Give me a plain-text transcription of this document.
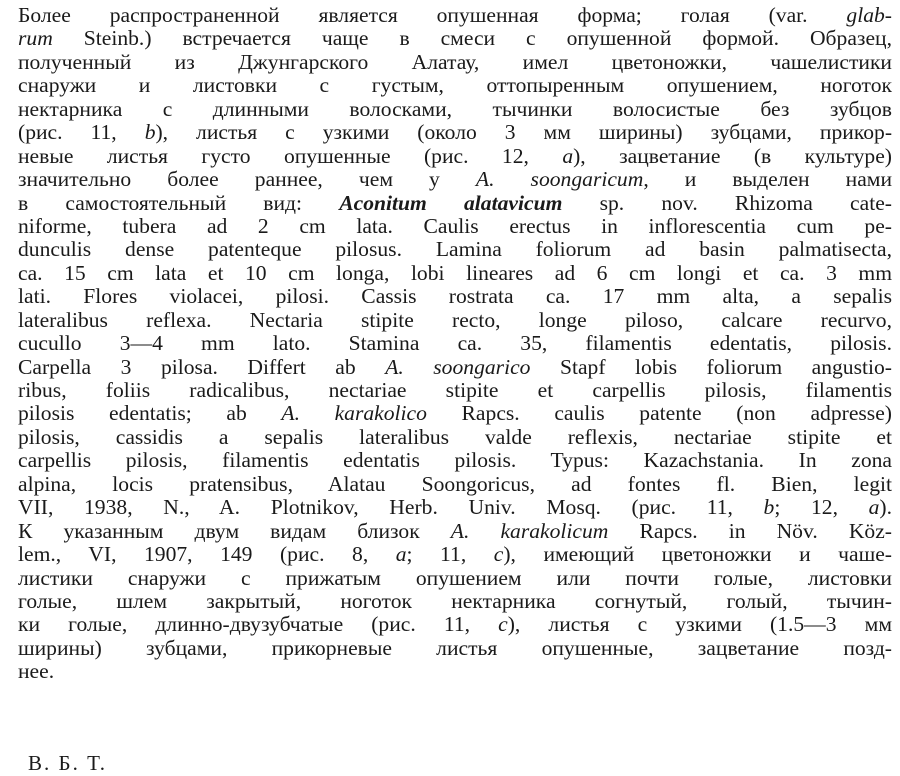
Более распространенной является опушенная форма; голая (var. glab-
rum Steinb.) встречается чаще в смеси с опушенной формой. Образец,
полученный из Джунгарского Алатау, имел цветоножки, чашелистики
снаружи и листовки с густым, оттопыренным опушением, ноготок
нектарника с длинными волосками, тычинки волосистые без зубцов
(рис. 11, b), листья с узкими (около 3 мм ширины) зубцами, прикор-
невые листья густо опушенные (рис. 12, a), зацветание (в культуре)
значительно более раннее, чем у A. soongaricum, и выделен нами
в самостоятельный вид: Aconitum alatavicum sp. nov. Rhizoma cate-
niforme, tubera ad 2 cm lata. Caulis erectus in inflorescentia cum pe-
dunculis dense patenteque pilosus. Lamina foliorum ad basin palmatisecta,
ca. 15 cm lata et 10 cm longa, lobi lineares ad 6 cm longi et ca. 3 mm
lati. Flores violacei, pilosi. Cassis rostrata ca. 17 mm alta, a sepalis
lateralibus reflexa. Nectaria stipite recto, longe piloso, calcare recurvo,
cucullo 3—4 mm lato. Stamina ca. 35, filamentis edentatis, pilosis.
Carpella 3 pilosa. Differt ab A. soongarico Stapf lobis foliorum angustio-
ribus, foliis radicalibus, nectariae stipite et carpellis pilosis, filamentis
pilosis edentatis; ab A. karakolico Rapcs. caulis patente (non adpresse)
pilosis, cassidis a sepalis lateralibus valde reflexis, nectariae stipite et
carpellis pilosis, filamentis edentatis pilosis. Typus: Kazachstania. In zona
alpina, locis pratensibus, Alatau Soongoricus, ad fontes fl. Bien, legit
VII, 1938, N., A. Plotnikov, Herb. Univ. Mosq. (рис. 11, b; 12, a).
К указанным двум видам близок A. karakolicum Rapcs. in Növ. Köz-
lem., VI, 1907, 149 (рис. 8, a; 11, c), имеющий цветоножки и чаше-
листики снаружи с прижатым опушением или почти голые, листовки
голые, шлем закрытый, ноготок нектарника согнутый, голый, тычин-
ки голые, длинно-двузубчатые (рис. 11, c), листья с узкими (1.5—3 мм
ширины) зубцами, прикорневые листья опушенные, зацветание позд-
нее.
В. Б. Т.
